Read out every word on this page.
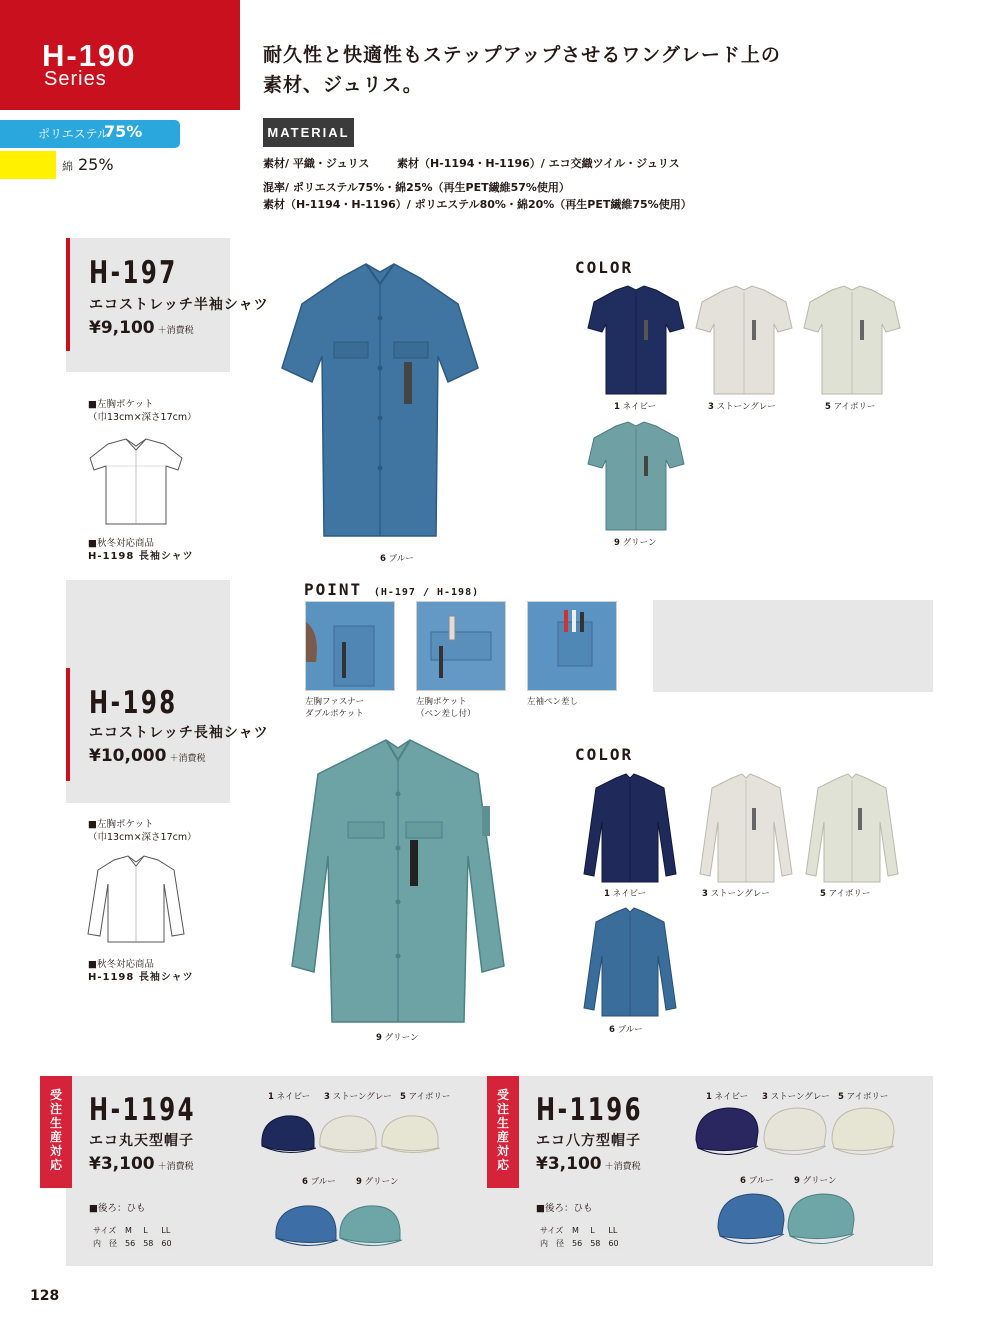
H-190
Series
耐久性と快適性もステップアップさせるワングレード上の
素材、ジュリス。
ポリエステル
75%
綿 25%
MATERIAL
素材/ 平織・ジュリス	素材（H-1194・H-1196）/ エコ交織ツイル・ジュリス
混率/ ポリエステル75%・綿25%（再生PET繊維57%使用）
素材（H-1194・H-1196）/ ポリエステル80%・綿20%（再生PET繊維75%使用）
H-197
エコストレッチ半袖シャツ
¥9,100 ＋消費税
■左胸ポケット
（巾13cm×深さ17cm）
■秋冬対応商品
H-1198 長袖シャツ	6 ブルー
COLOR
1 ネイビー	3 ストーングレー	5 アイボリー
9 グリーン
POINT (H-197 / H-198)
左胸ファスナー
ダブルポケット
左胸ポケット
（ペン差し付）
左袖ペン差し
H-198
エコストレッチ長袖シャツ
¥10,000 ＋消費税
■左胸ポケット
（巾13cm×深さ17cm）
■秋冬対応商品
H-1198 長袖シャツ
9 グリーン
COLOR
1 ネイビー	3 ストーングレー	5 アイボリー
6 ブルー
受注生産対応
H-1194
エコ丸天型帽子
¥3,100 ＋消費税
■後ろ：ひも
サイズ	M	L	LL
内　径	56	58	60
1 ネイビー 3 ストーングレー 5 アイボリー
6 ブルー 9 グリーン
受注生産対応
H-1196
エコ八方型帽子
¥3,100 ＋消費税
■後ろ：ひも
サイズ	M	L	LL
内　径	56	58	60
1 ネイビー 3 ストーングレー 5 アイボリー
6 ブルー 9 グリーン
128
